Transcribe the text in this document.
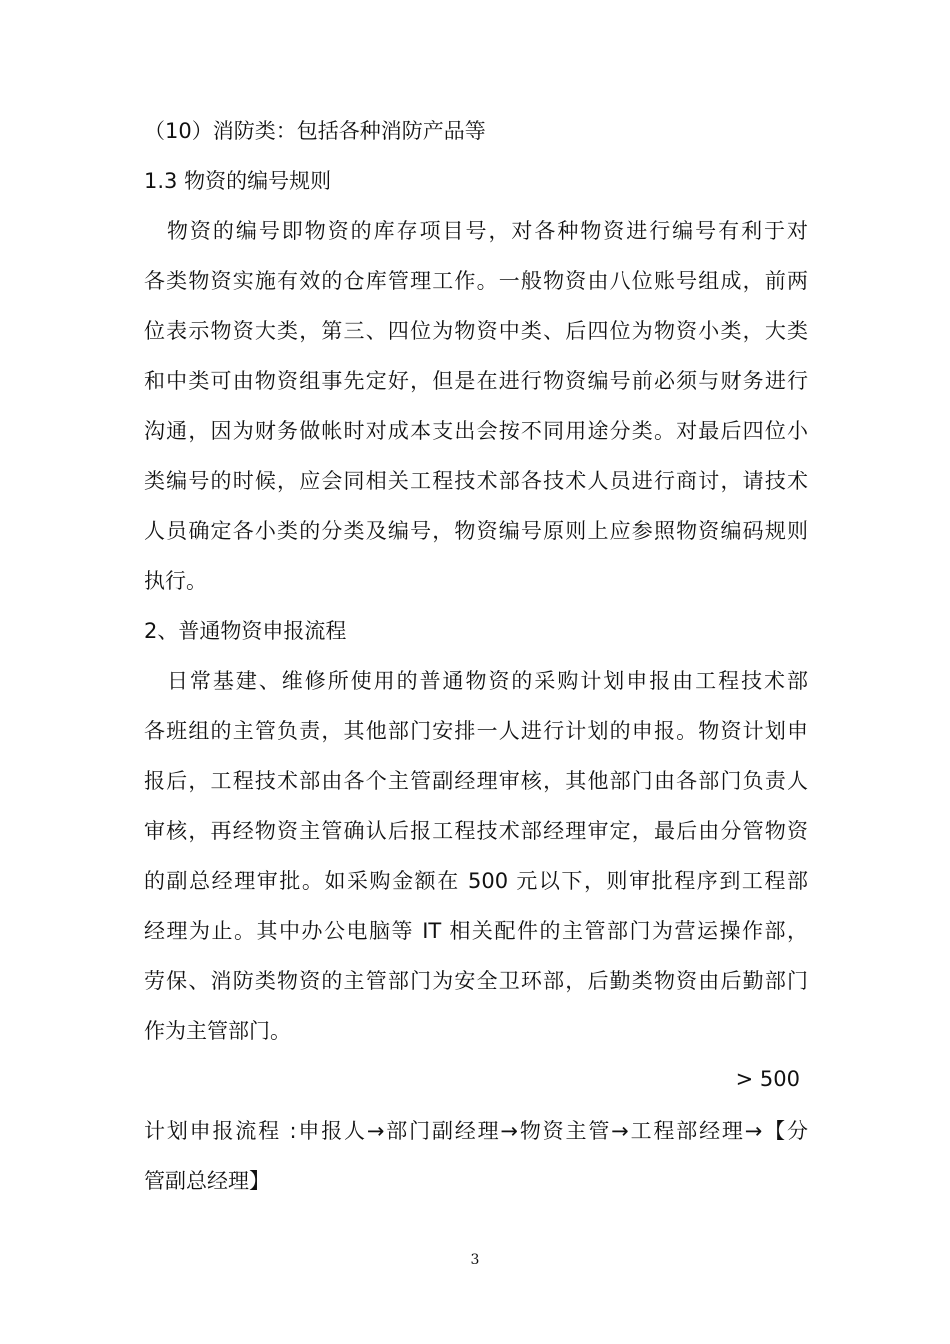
（10）消防类：包括各种消防产品等
1.3 物资的编号规则
　物资的编号即物资的库存项目号，对各种物资进行编号有利于对
各类物资实施有效的仓库管理工作。一般物资由八位账号组成，前两
位表示物资大类，第三、四位为物资中类、后四位为物资小类，大类
和中类可由物资组事先定好，但是在进行物资编号前必须与财务进行
沟通，因为财务做帐时对成本支出会按不同用途分类。对最后四位小
类编号的时候，应会同相关工程技术部各技术人员进行商讨，请技术
人员确定各小类的分类及编号，物资编号原则上应参照物资编码规则
执行。
2、普通物资申报流程
　日常基建、维修所使用的普通物资的采购计划申报由工程技术部
各班组的主管负责，其他部门安排一人进行计划的申报。物资计划申
报后，工程技术部由各个主管副经理审核，其他部门由各部门负责人
审核，再经物资主管确认后报工程技术部经理审定，最后由分管物资
的副总经理审批。如采购金额在 500 元以下，则审批程序到工程部
经理为止。其中办公电脑等 IT 相关配件的主管部门为营运操作部，
劳保、消防类物资的主管部门为安全卫环部，后勤类物资由后勤部门
作为主管部门。
> 500
计划申报流程 :申报人→部门副经理→物资主管→工程部经理→【分
管副总经理】
3
